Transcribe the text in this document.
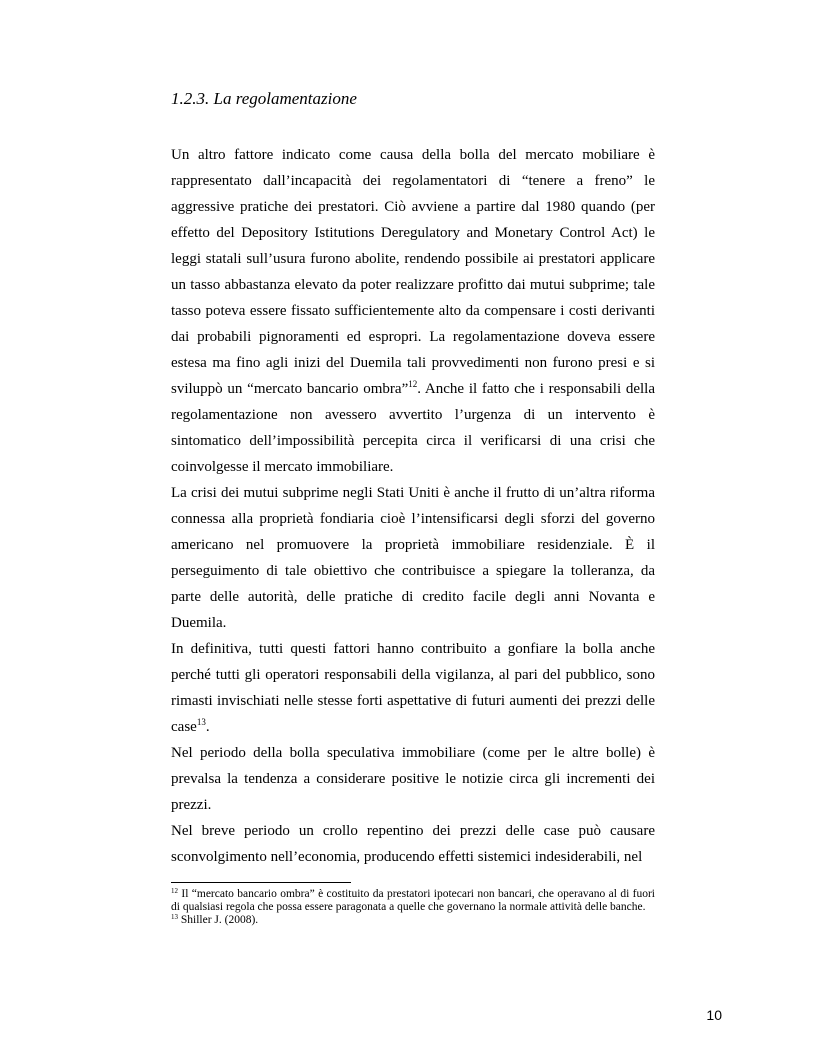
1.2.3. La regolamentazione

Un altro fattore indicato come causa della bolla del mercato mobiliare è rappresentato dall’incapacità dei regolamentatori di “tenere a freno” le aggressive pratiche dei prestatori. Ciò avviene a partire dal 1980 quando (per effetto del Depository Istitutions Deregulatory and Monetary Control Act) le leggi statali sull’usura furono abolite, rendendo possibile ai prestatori applicare un tasso abbastanza elevato da poter realizzare profitto dai mutui subprime; tale tasso poteva essere fissato sufficientemente alto da compensare i costi derivanti dai probabili pignoramenti ed espropri. La regolamentazione doveva essere estesa ma fino agli inizi del Duemila tali provvedimenti non furono presi e si sviluppò un “mercato bancario ombra”$^{12}$. Anche il fatto che i responsabili della regolamentazione non avessero avvertito l’urgenza di un intervento è sintomatico dell’impossibilità percepita circa il verificarsi di una crisi che coinvolgesse il mercato immobiliare.

La crisi dei mutui subprime negli Stati Uniti è anche il frutto di un’altra riforma connessa alla proprietà fondiaria cioè l’intensificarsi degli sforzi del governo americano nel promuovere la proprietà immobiliare residenziale. È il perseguimento di tale obiettivo che contribuisce a spiegare la tolleranza, da parte delle autorità, delle pratiche di credito facile degli anni Novanta e Duemila.

In definitiva, tutti questi fattori hanno contribuito a gonfiare la bolla anche perché tutti gli operatori responsabili della vigilanza, al pari del pubblico, sono rimasti invischiati nelle stesse forti aspettative di futuri aumenti dei prezzi delle case$^{13}$.

Nel periodo della bolla speculativa immobiliare (come per le altre bolle) è prevalsa la tendenza a considerare positive le notizie circa gli incrementi dei prezzi.

Nel breve periodo un crollo repentino dei prezzi delle case può causare sconvolgimento nell’economia, producendo effetti sistemici indesiderabili, nel

$^{12}$ Il “mercato bancario ombra” è costituito da prestatori ipotecari non bancari, che operavano al di fuori di qualsiasi regola che possa essere paragonata a quelle che governano la normale attività delle banche.

$^{13}$ Shiller J. (2008).

10
